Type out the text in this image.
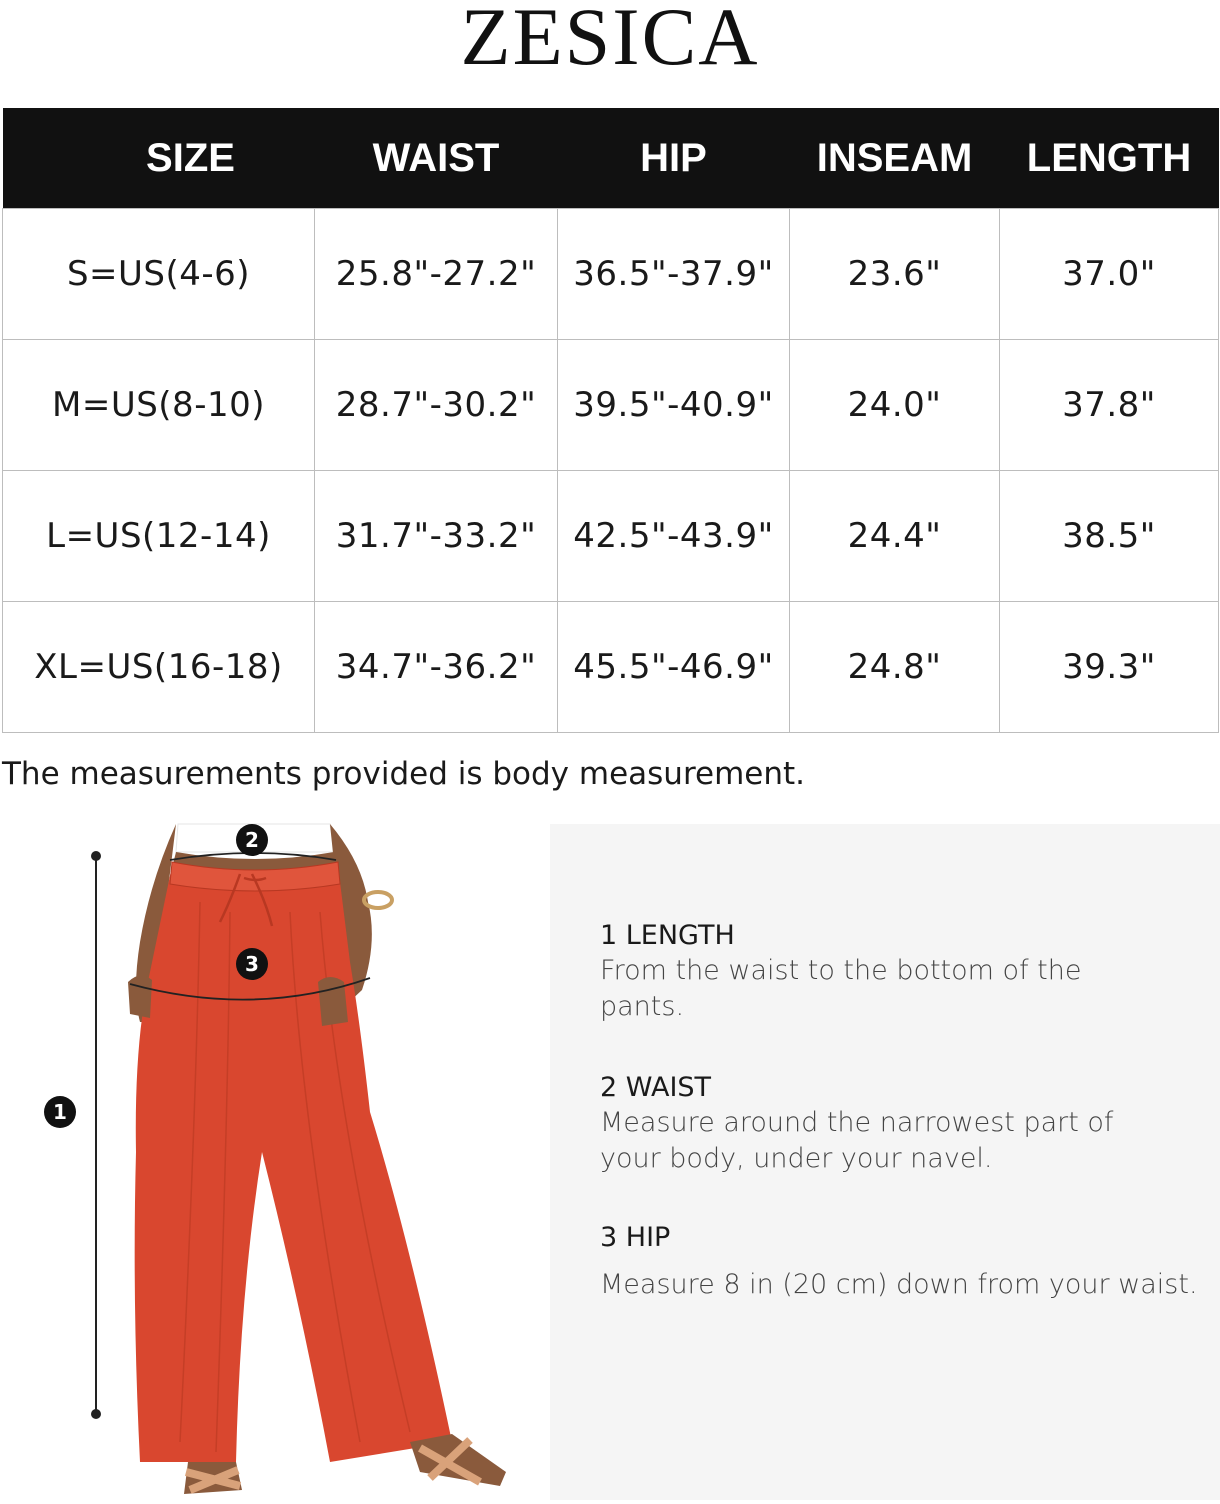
ZESICA
SIZE	WAIST	HIP	INSEAM	LENGTH
S=US(4-6)	25.8"-27.2"	36.5"-37.9"	23.6"	37.0"
M=US(8-10)	28.7"-30.2"	39.5"-40.9"	24.0"	37.8"
L=US(12-14)	31.7"-33.2"	42.5"-43.9"	24.4"	38.5"
XL=US(16-18)	34.7"-36.2"	45.5"-46.9"	24.8"	39.3"
The measurements provided is body measurement.
2
3
1
1 LENGTH
From the waist to the bottom of the
pants.
2 WAIST
Measure around the narrowest part of
your body, under your navel.
3 HIP
Measure 8 in (20 cm) down from your waist.
